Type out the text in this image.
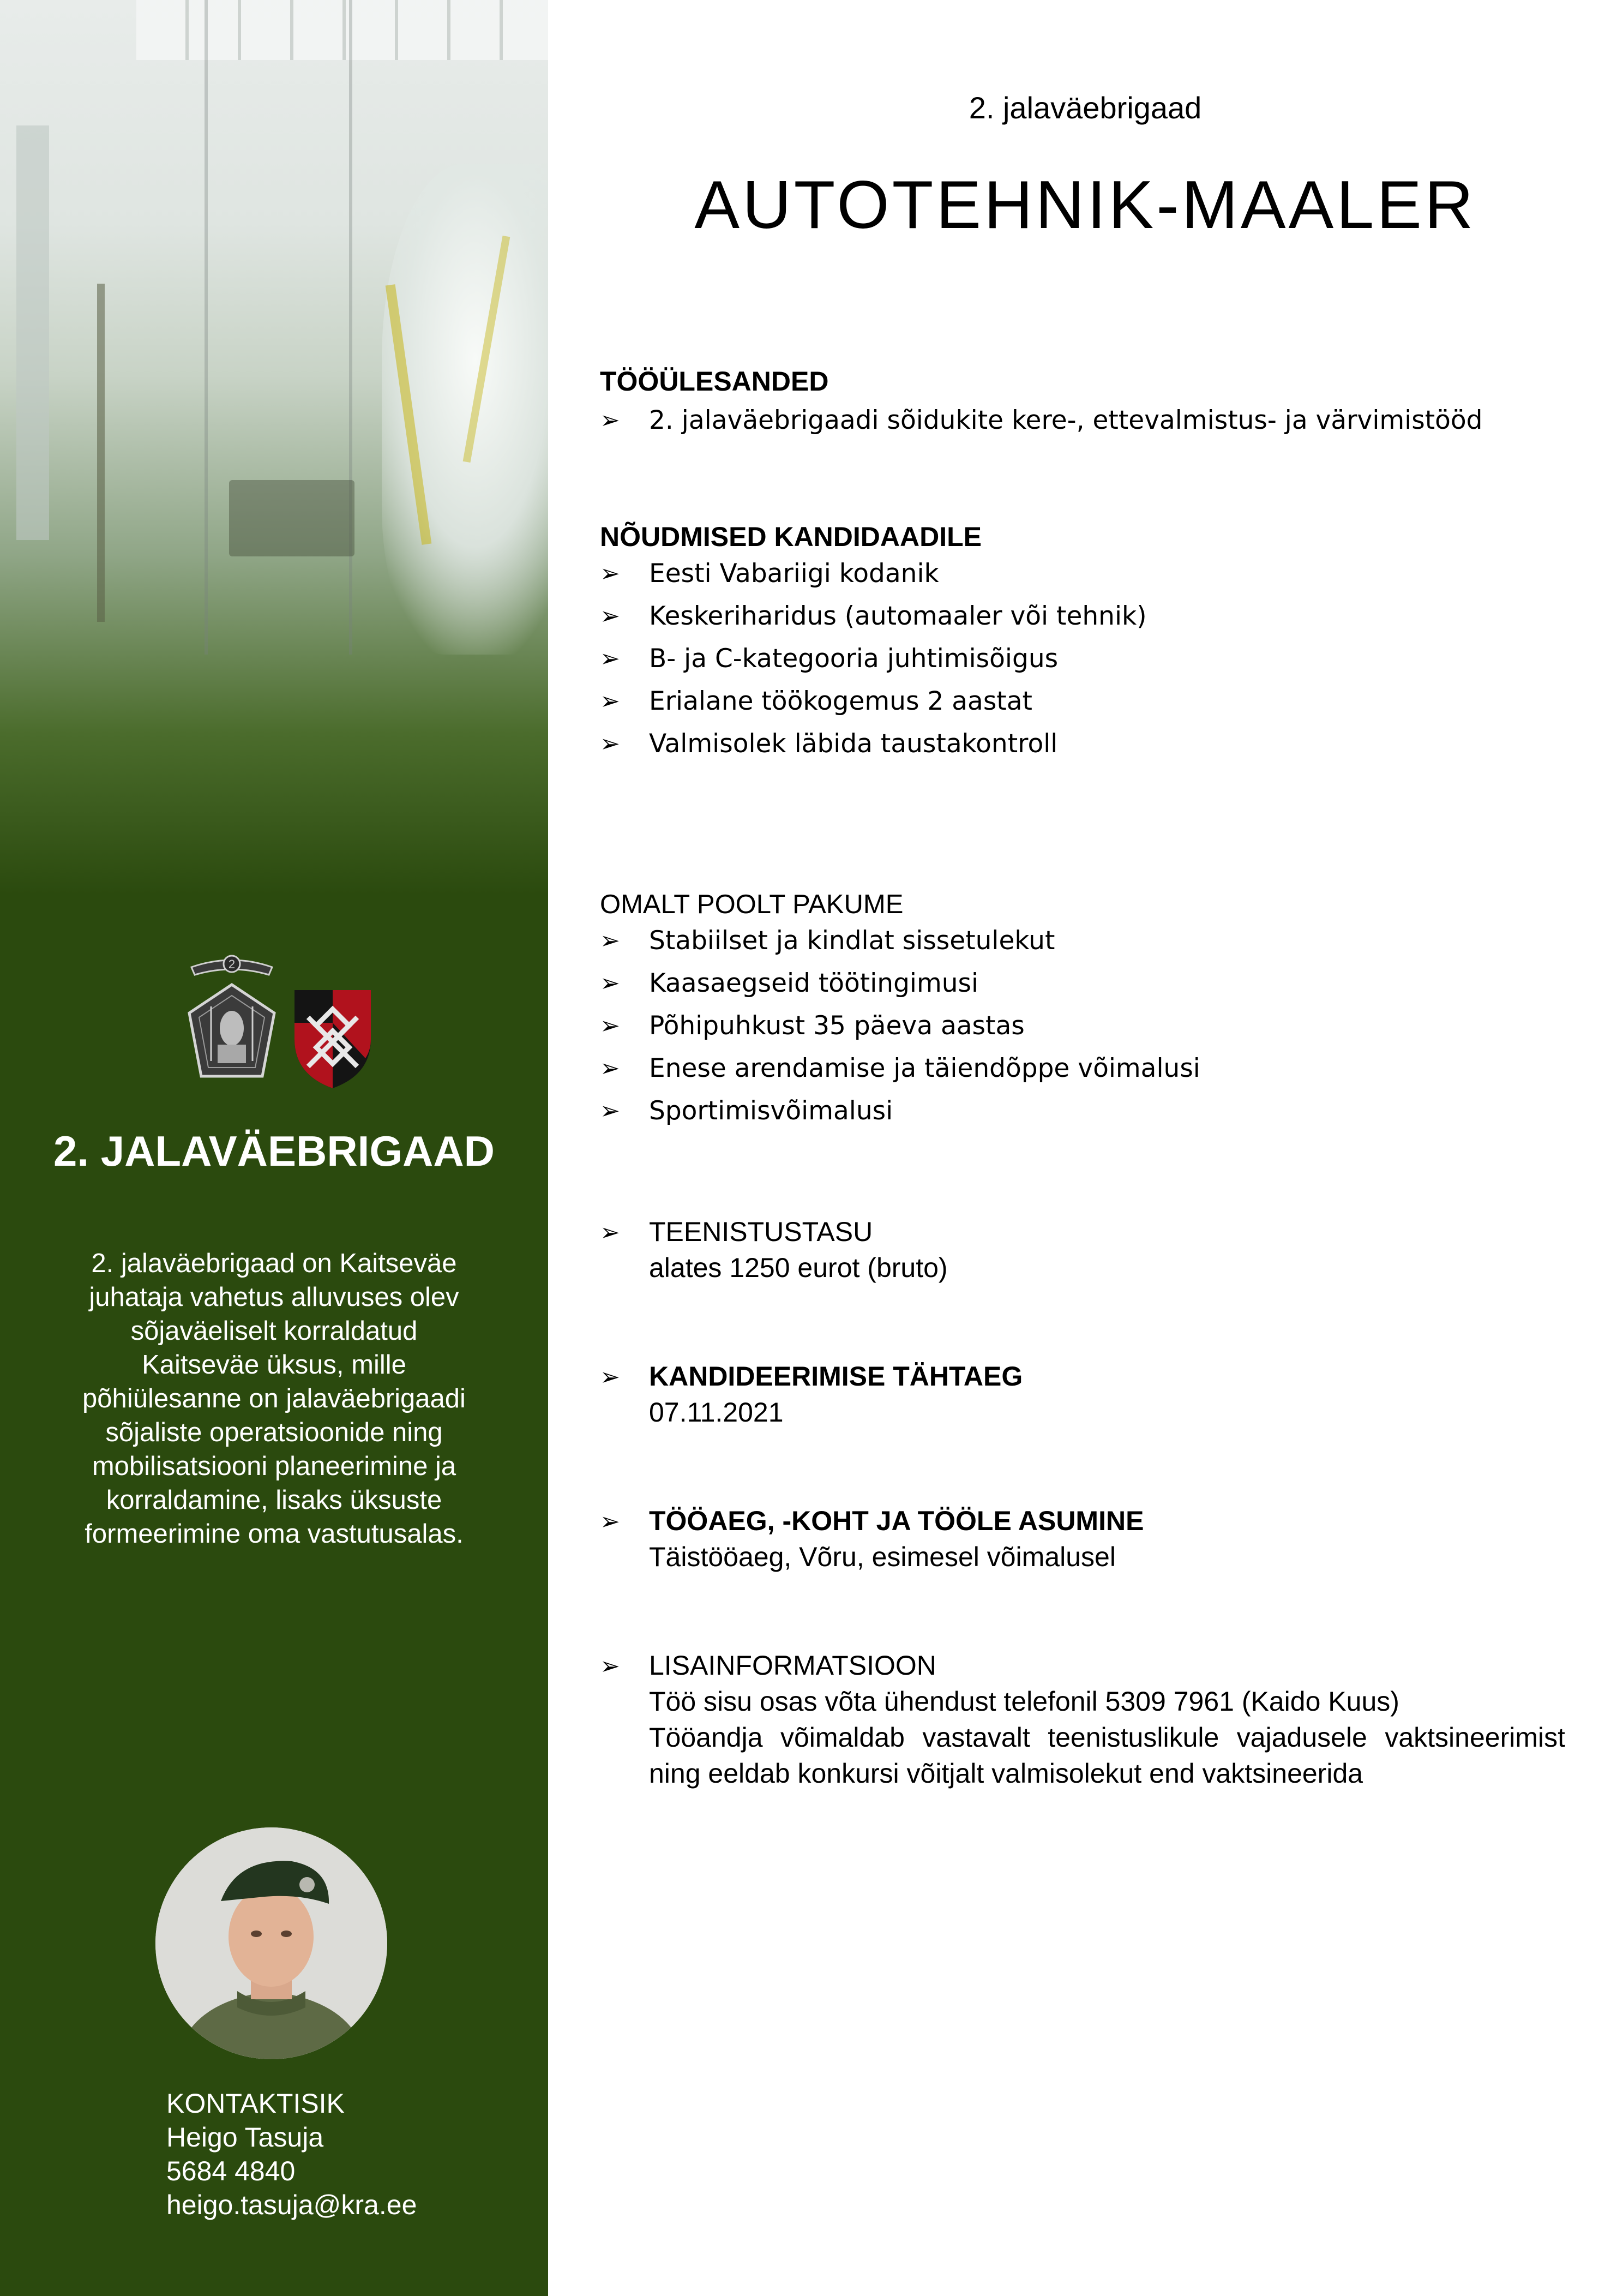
2
2. JALAVÄEBRIGAAD
2. jalaväebrigaad on Kaitseväe
juhataja vahetus alluvuses olev
sõjaväeliselt korraldatud
Kaitseväe üksus, mille
põhiülesanne on jalaväebrigaadi
sõjaliste operatsioonide ning
mobilisatsiooni planeerimine ja
korraldamine, lisaks üksuste
formeerimine oma vastutusalas.
KONTAKTISIK
Heigo Tasuja
5684 4840
heigo.tasuja@kra.ee
2. jalaväebrigaad
AUTOTEHNIK-MAALER
TÖÖÜLESANDED
➢ 2. jalaväebrigaadi sõidukite kere-, ettevalmistus- ja värvimistööd
NÕUDMISED KANDIDAADILE
➢ Eesti Vabariigi kodanik
➢ Keskeriharidus (automaaler või tehnik)
➢ B- ja C-kategooria juhtimisõigus
➢ Erialane töökogemus 2 aastat
➢ Valmisolek läbida taustakontroll
OMALT POOLT PAKUME
➢ Stabiilset ja kindlat sissetulekut
➢ Kaasaegseid töötingimusi
➢ Põhipuhkust 35 päeva aastas
➢ Enese arendamise ja täiendõppe võimalusi
➢ Sportimisvõimalusi
➢ TEENISTUSTASU
alates 1250 eurot (bruto)
➢ KANDIDEERIMISE TÄHTAEG
07.11.2021
➢ TÖÖAEG, -KOHT JA TÖÖLE ASUMINE
Täistööaeg, Võru, esimesel võimalusel
➢ LISAINFORMATSIOON
Töö sisu osas võta ühendust telefonil 5309 7961 (Kaido Kuus)
Tööandja võimaldab vastavalt teenistuslikule vajadusele vaktsineerimist
ning eeldab konkursi võitjalt valmisolekut end vaktsineerida
